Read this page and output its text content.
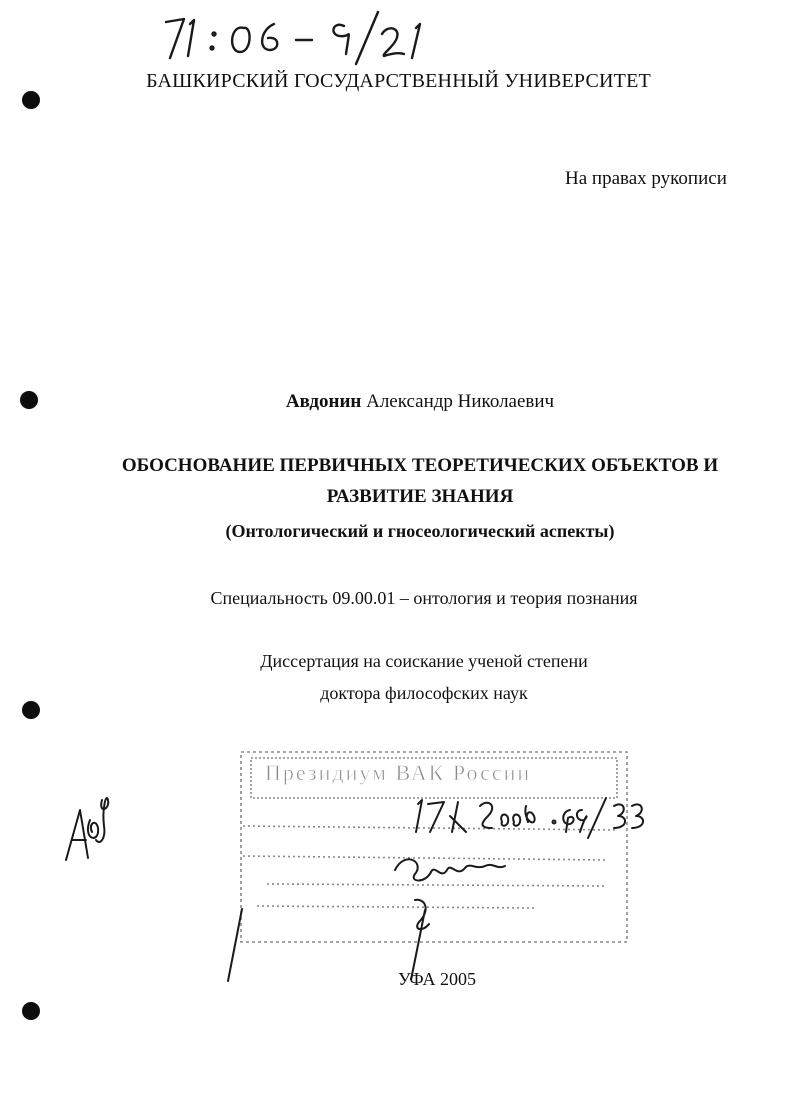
БАШКИРСКИЙ ГОСУДАРСТВЕННЫЙ УНИВЕРСИТЕТ
На правах рукописи
Авдонин Александр Николаевич
ОБОСНОВАНИЕ ПЕРВИЧНЫХ ТЕОРЕТИЧЕСКИХ ОБЪЕКТОВ И
РАЗВИТИЕ ЗНАНИЯ
(Онтологический и гносеологический аспекты)
Специальность 09.00.01 – онтология и теория познания
Диссертация на соискание ученой степени
доктора философских наук
Президиум ВАК России
УФА 2005
